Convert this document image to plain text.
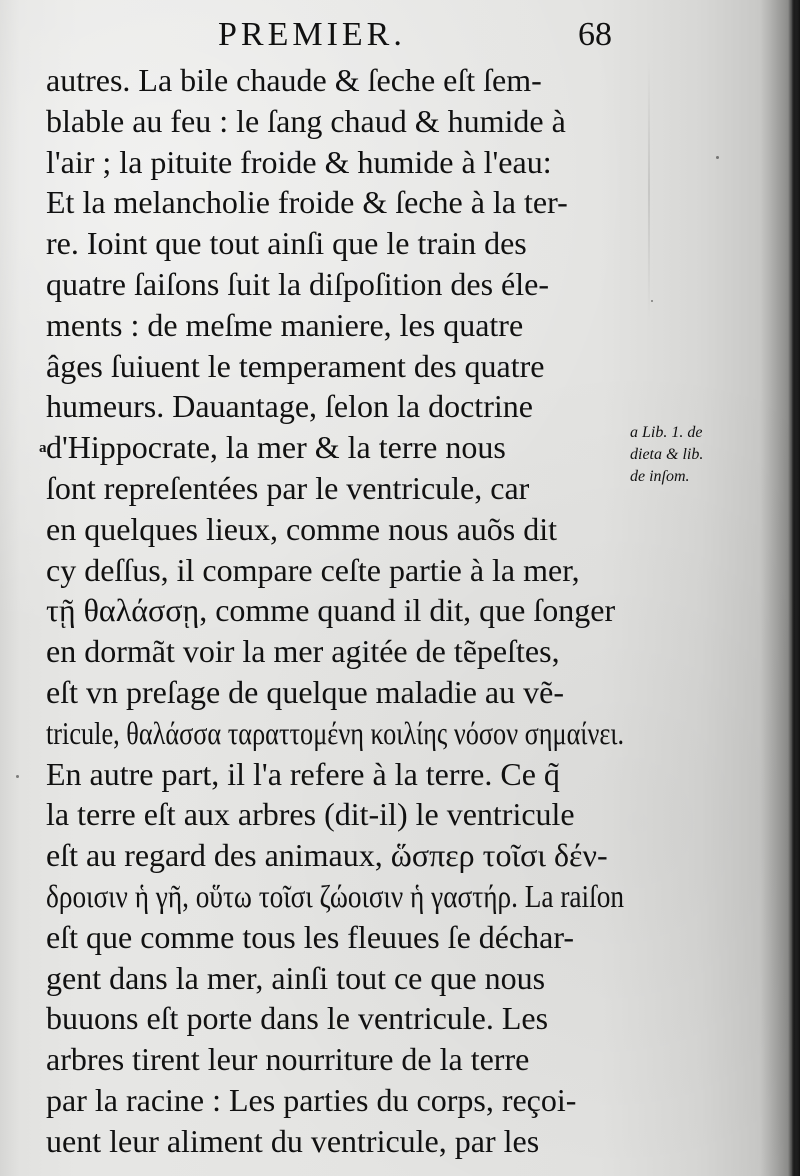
PREMIER.	68
autres. La bile chaude & ſeche eſt ſem-
blable au feu : le ſang chaud & humide à
l'air ; la pituite froide & humide à l'eau:
Et la melancholie froide & ſeche à la ter-
re. Ioint que tout ainſi que le train des
quatre ſaiſons ſuit la diſpoſition des éle-
ments : de meſme maniere, les quatre
âges ſuiuent le temperament des quatre
humeurs. Dauantage, ſelon la doctrine
a d'Hippocrate, la mer & la terre nous
ſont repreſentées par le ventricule, car
en quelques lieux, comme nous auõs dit
cy deſſus, il compare ceſte partie à la mer,
τῇ θαλάσσῃ, comme quand il dit, que ſonger
en dormãt voir la mer agitée de tẽpeſtes,
eſt vn preſage de quelque maladie au vẽ-
tricule, θαλάσσα ταραττομένη κοιλίης νόσον σημαίνει.
En autre part, il l'a refere à la terre. Ce q̃
la terre eſt aux arbres (dit-il) le ventricule
eſt au regard des animaux, ὥσπερ τοῖσι δέν-
δροισιν ἡ γῆ, οὕτω τοῖσι ζώοισιν ἡ γαστήρ. La raiſon
eſt que comme tous les fleuues ſe déchar-
gent dans la mer, ainſi tout ce que nous
buuons eſt porte dans le ventricule. Les
arbres tirent leur nourriture de la terre
par la racine : Les parties du corps, reçoi-
uent leur aliment du ventricule, par les
a Lib. 1. de
dieta & lib.
de inſom.
